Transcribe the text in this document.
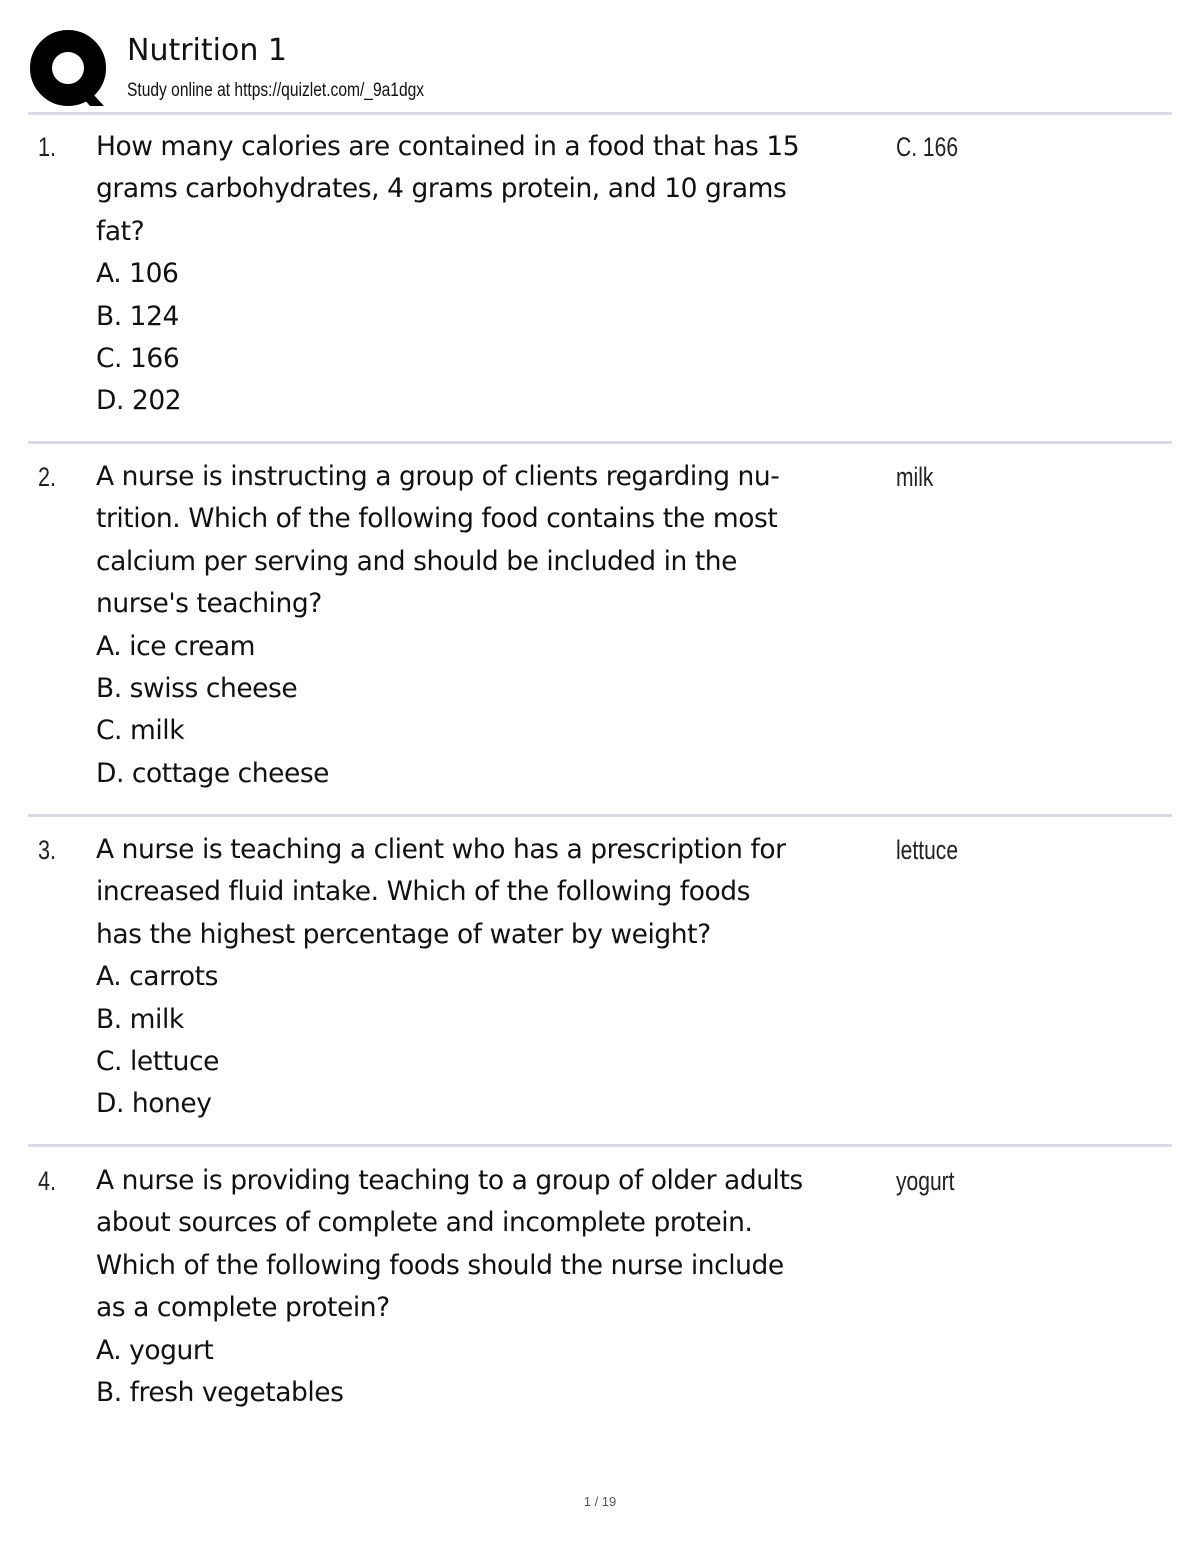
Nutrition 1
Study online at https://quizlet.com/_9a1dgx
1. How many calories are contained in a food that has 15
grams carbohydrates, 4 grams protein, and 10 grams
fat?
A. 106
B. 124
C. 166
D. 202
C. 166
2. A nurse is instructing a group of clients regarding nu-
trition. Which of the following food contains the most
calcium per serving and should be included in the
nurse's teaching?
A. ice cream
B. swiss cheese
C. milk
D. cottage cheese
milk
3. A nurse is teaching a client who has a prescription for
increased fluid intake. Which of the following foods
has the highest percentage of water by weight?
A. carrots
B. milk
C. lettuce
D. honey
lettuce
4. A nurse is providing teaching to a group of older adults
about sources of complete and incomplete protein.
Which of the following foods should the nurse include
as a complete protein?
A. yogurt
B. fresh vegetables
yogurt
1 / 19
